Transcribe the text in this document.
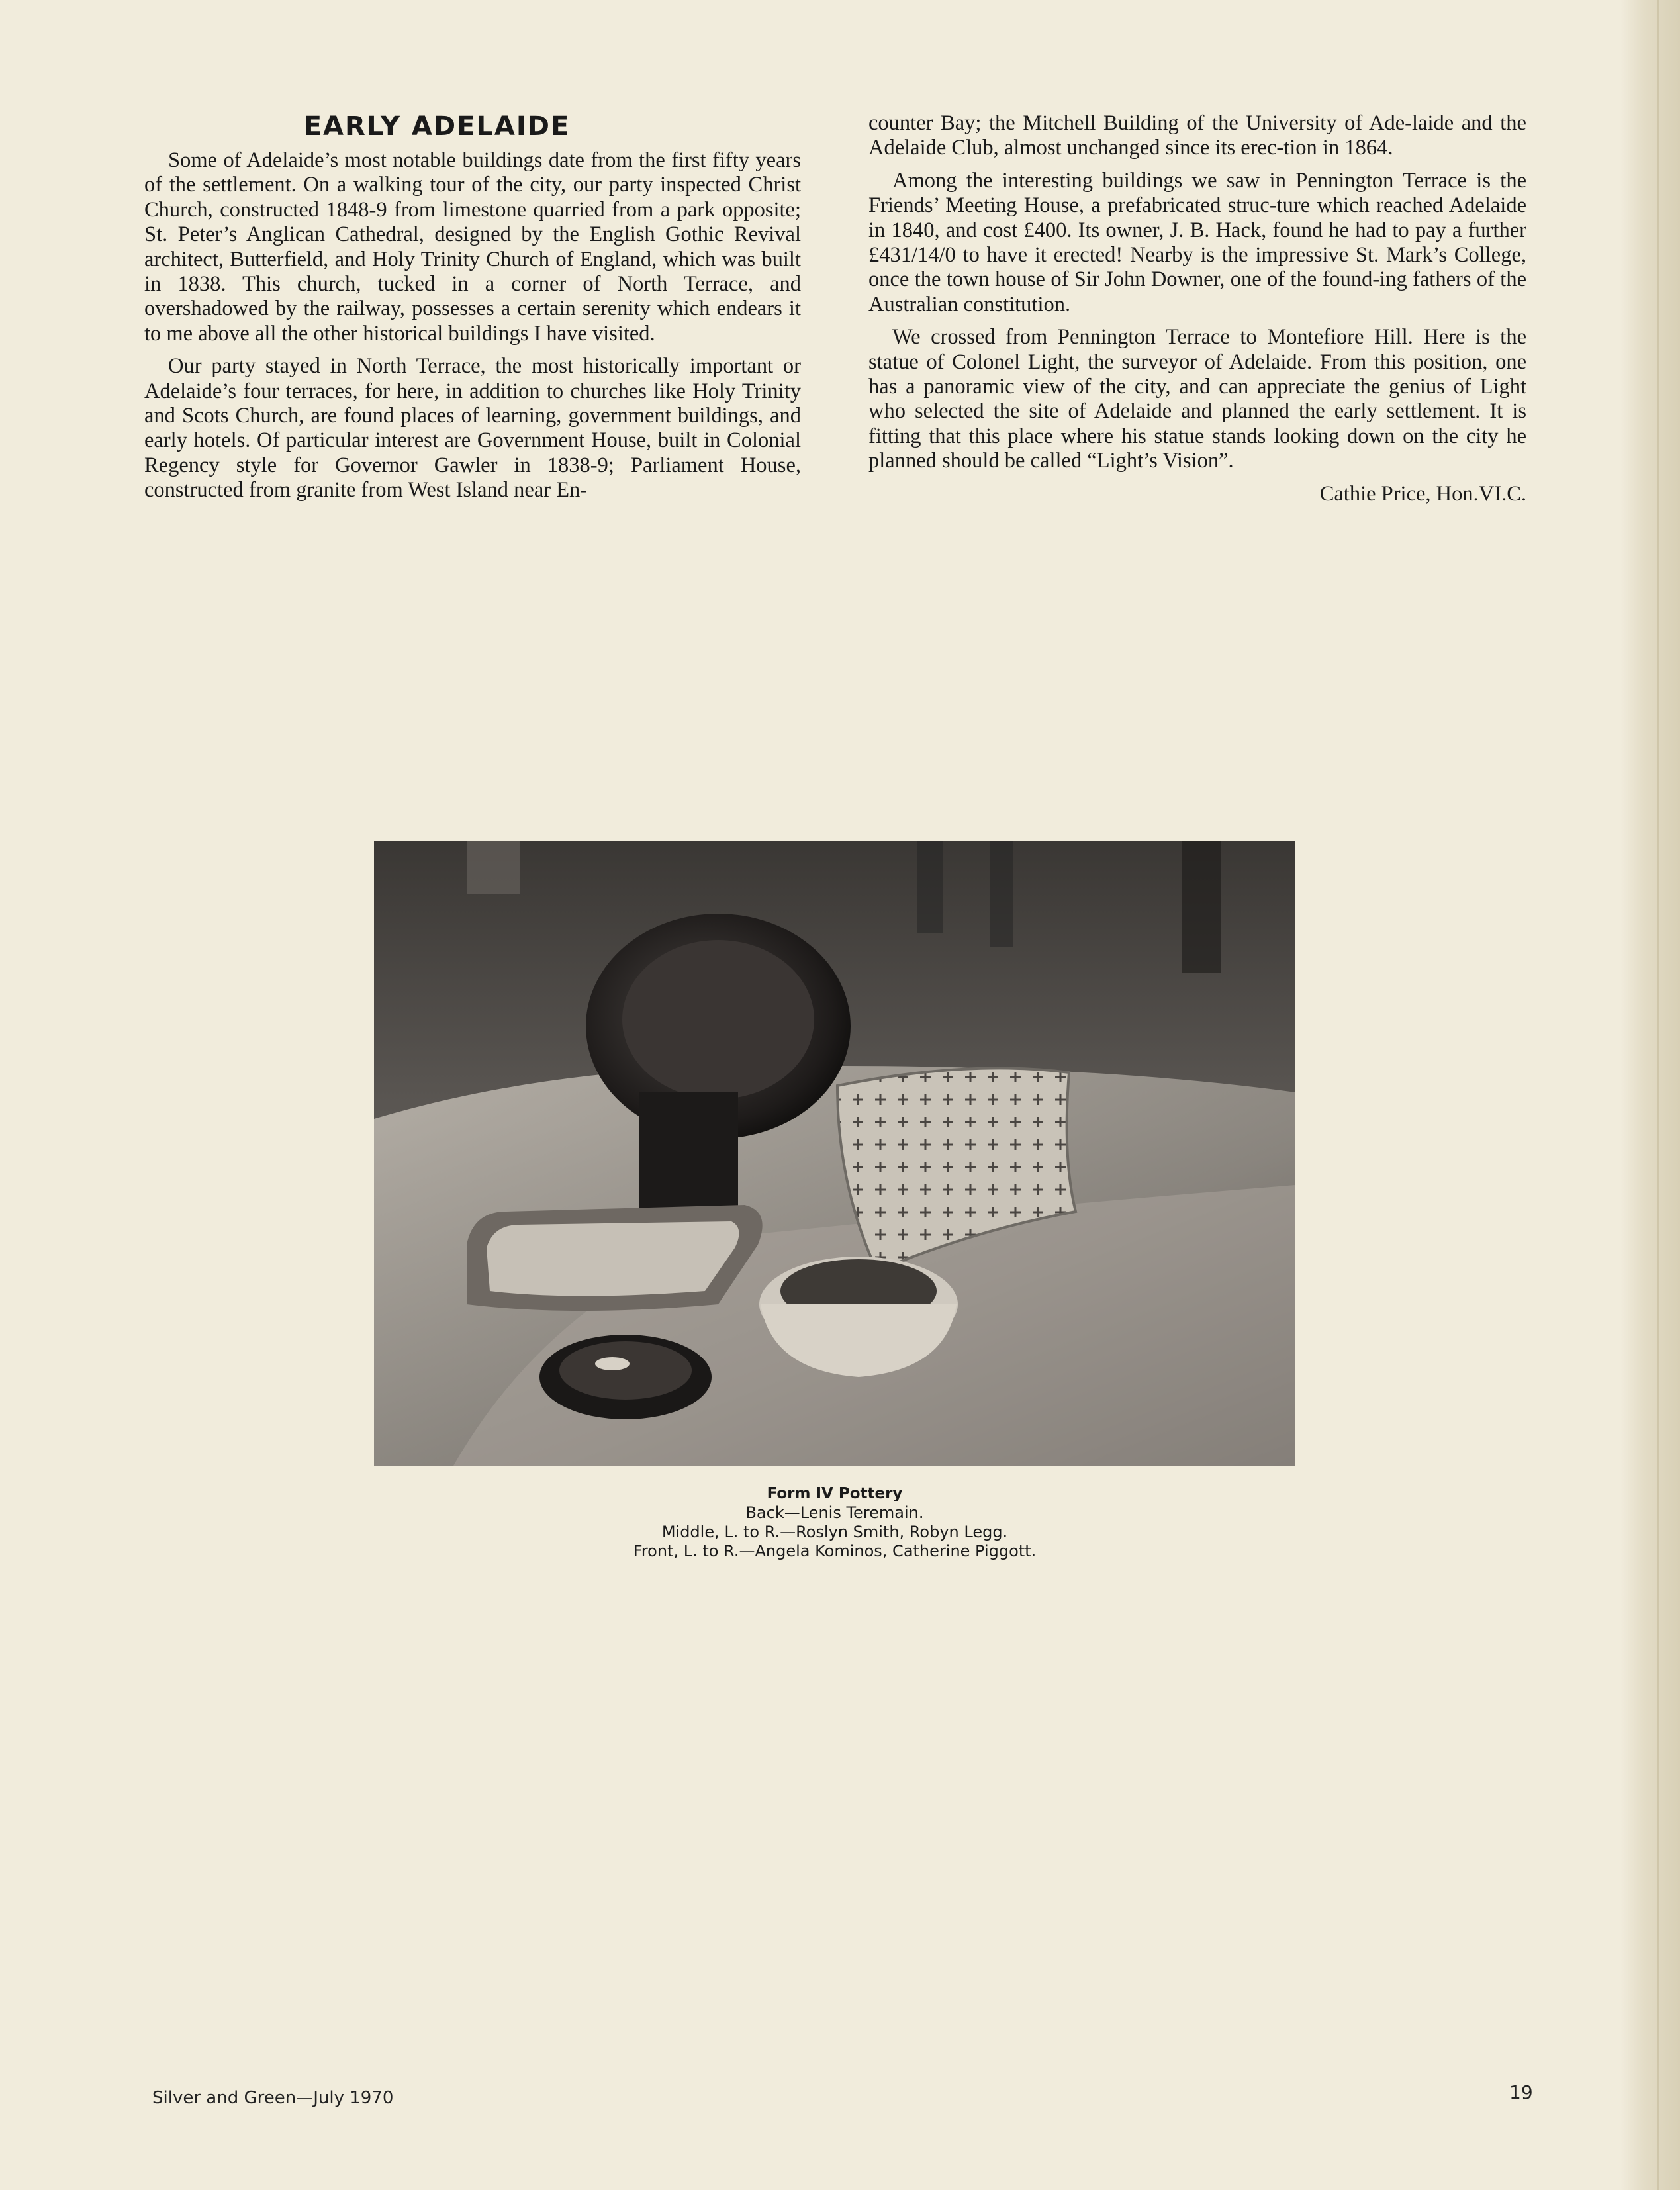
EARLY ADELAIDE

Some of Adelaide’s most notable buildings date from the first fifty years of the settlement. On a walking tour of the city, our party inspected Christ Church, constructed 1848-9 from limestone quarried from a park opposite; St. Peter’s Anglican Cathedral, designed by the English Gothic Revival architect, Butterfield, and Holy Trinity Church of England, which was built in 1838. This church, tucked in a corner of North Terrace, and overshadowed by the railway, possesses a certain serenity which endears it to me above all the other historical buildings I have visited.

Our party stayed in North Terrace, the most historically important or Adelaide’s four terraces, for here, in addition to churches like Holy Trinity and Scots Church, are found places of learning, government buildings, and early hotels. Of particular interest are Government House, built in Colonial Regency style for Governor Gawler in 1838-9; Parliament House, constructed from granite from West Island near En-

counter Bay; the Mitchell Building of the University of Ade-laide and the Adelaide Club, almost unchanged since its erec-tion in 1864.

Among the interesting buildings we saw in Pennington Terrace is the Friends’ Meeting House, a prefabricated struc-ture which reached Adelaide in 1840, and cost £400. Its owner, J. B. Hack, found he had to pay a further £431/14/0 to have it erected! Nearby is the impressive St. Mark’s College, once the town house of Sir John Downer, one of the found-ing fathers of the Australian constitution.

We crossed from Pennington Terrace to Montefiore Hill. Here is the statue of Colonel Light, the surveyor of Adelaide. From this position, one has a panoramic view of the city, and can appreciate the genius of Light who selected the site of Adelaide and planned the early settlement. It is fitting that this place where his statue stands looking down on the city he planned should be called “Light’s Vision”.

Cathie Price, Hon.VI.C.

Form IV Pottery
Back—Lenis Teremain.
Middle, L. to R.—Roslyn Smith, Robyn Legg.
Front, L. to R.—Angela Kominos, Catherine Piggott.
Silver and Green—July 1970	19
